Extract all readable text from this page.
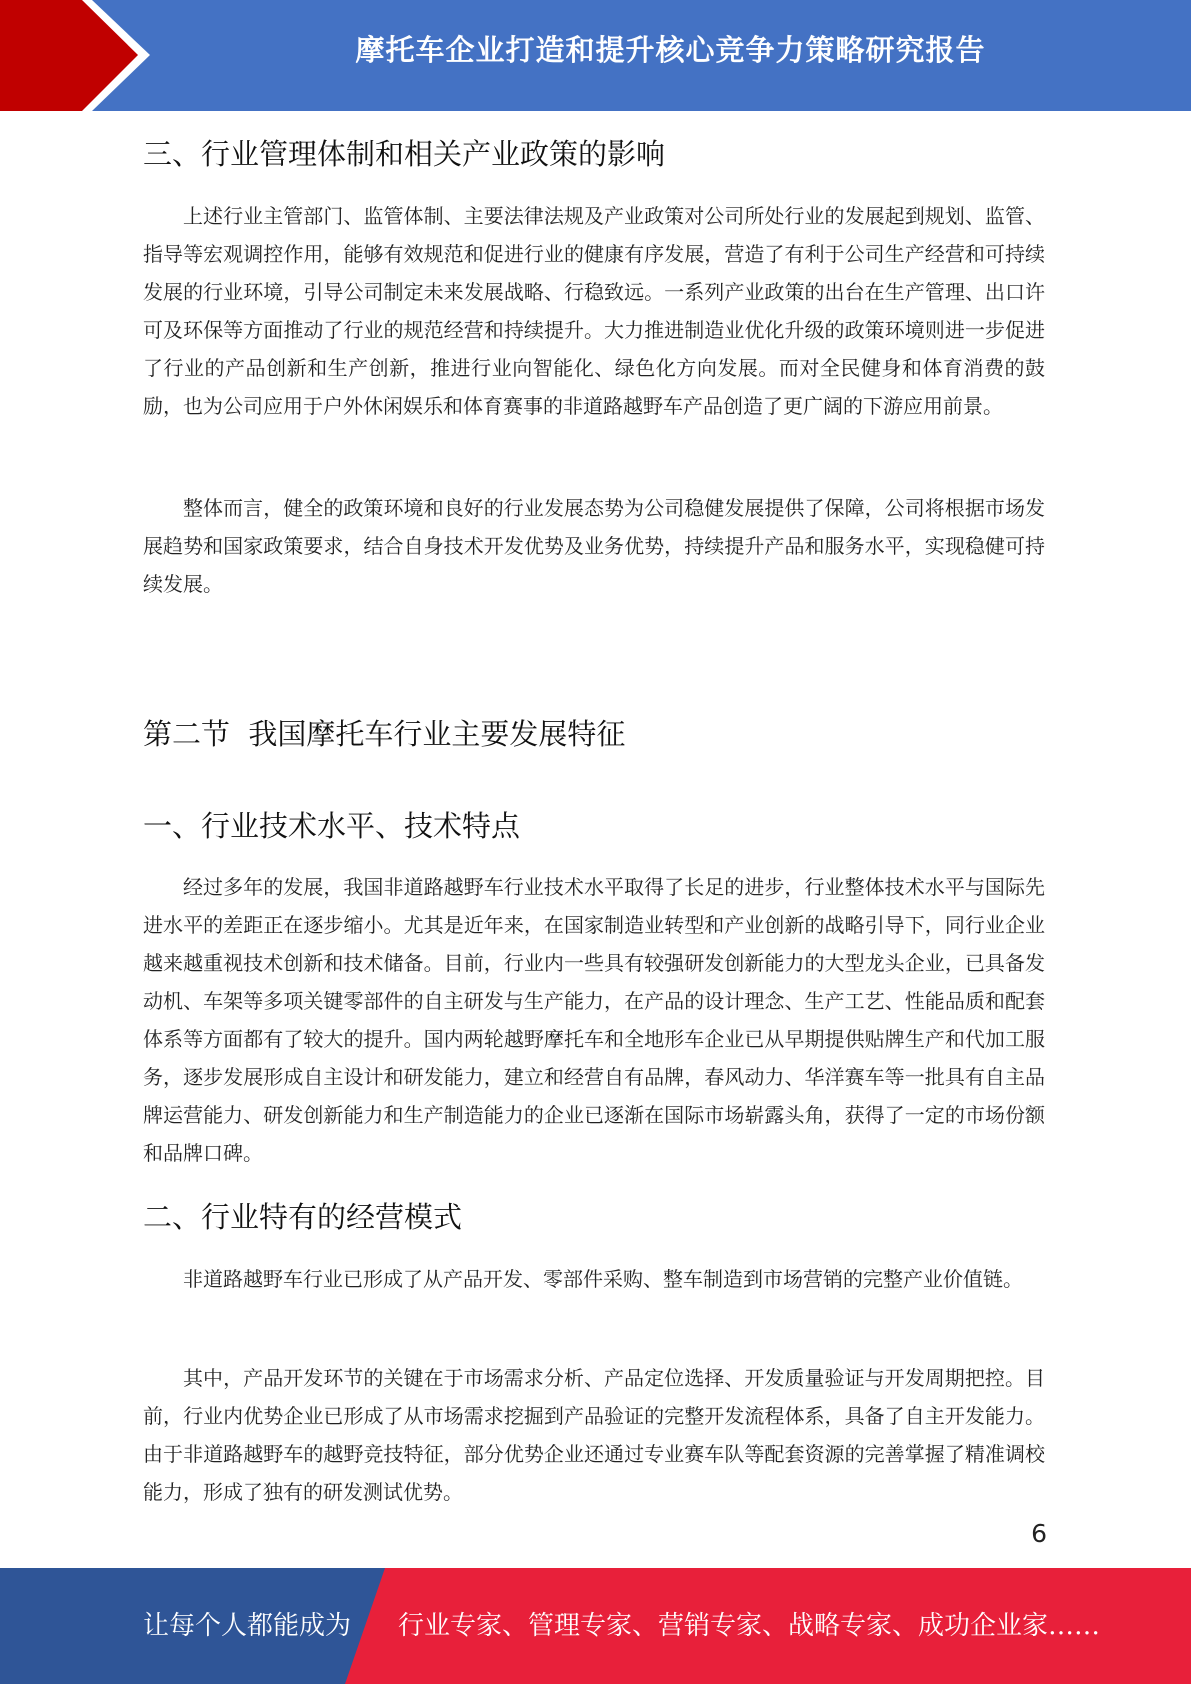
摩托车企业打造和提升核心竞争力策略研究报告
三、行业管理体制和相关产业政策的影响

上述行业主管部门、监管体制、主要法律法规及产业政策对公司所处行业的发展起到规划、监管、指导等宏观调控作用，能够有效规范和促进行业的健康有序发展，营造了有利于公司生产经营和可持续发展的行业环境，引导公司制定未来发展战略、行稳致远。一系列产业政策的出台在生产管理、出口许可及环保等方面推动了行业的规范经营和持续提升。大力推进制造业优化升级的政策环境则进一步促进了行业的产品创新和生产创新，推进行业向智能化、绿色化方向发展。而对全民健身和体育消费的鼓励，也为公司应用于户外休闲娱乐和体育赛事的非道路越野车产品创造了更广阔的下游应用前景。

整体而言，健全的政策环境和良好的行业发展态势为公司稳健发展提供了保障，公司将根据市场发展趋势和国家政策要求，结合自身技术开发优势及业务优势，持续提升产品和服务水平，实现稳健可持续发展。

第二节  我国摩托车行业主要发展特征
一、行业技术水平、技术特点

经过多年的发展，我国非道路越野车行业技术水平取得了长足的进步，行业整体技术水平与国际先进水平的差距正在逐步缩小。尤其是近年来，在国家制造业转型和产业创新的战略引导下，同行业企业越来越重视技术创新和技术储备。目前，行业内一些具有较强研发创新能力的大型龙头企业，已具备发动机、车架等多项关键零部件的自主研发与生产能力，在产品的设计理念、生产工艺、性能品质和配套体系等方面都有了较大的提升。国内两轮越野摩托车和全地形车企业已从早期提供贴牌生产和代加工服务，逐步发展形成自主设计和研发能力，建立和经营自有品牌，春风动力、华洋赛车等一批具有自主品牌运营能力、研发创新能力和生产制造能力的企业已逐渐在国际市场崭露头角，获得了一定的市场份额和品牌口碑。

二、行业特有的经营模式

非道路越野车行业已形成了从产品开发、零部件采购、整车制造到市场营销的完整产业价值链。

其中，产品开发环节的关键在于市场需求分析、产品定位选择、开发质量验证与开发周期把控。目前，行业内优势企业已形成了从市场需求挖掘到产品验证的完整开发流程体系，具备了自主开发能力。由于非道路越野车的越野竞技特征，部分优势企业还通过专业赛车队等配套资源的完善掌握了精准调校能力，形成了独有的研发测试优势。

6
让每个人都能成为 行业专家、管理专家、营销专家、战略专家、成功企业家……
